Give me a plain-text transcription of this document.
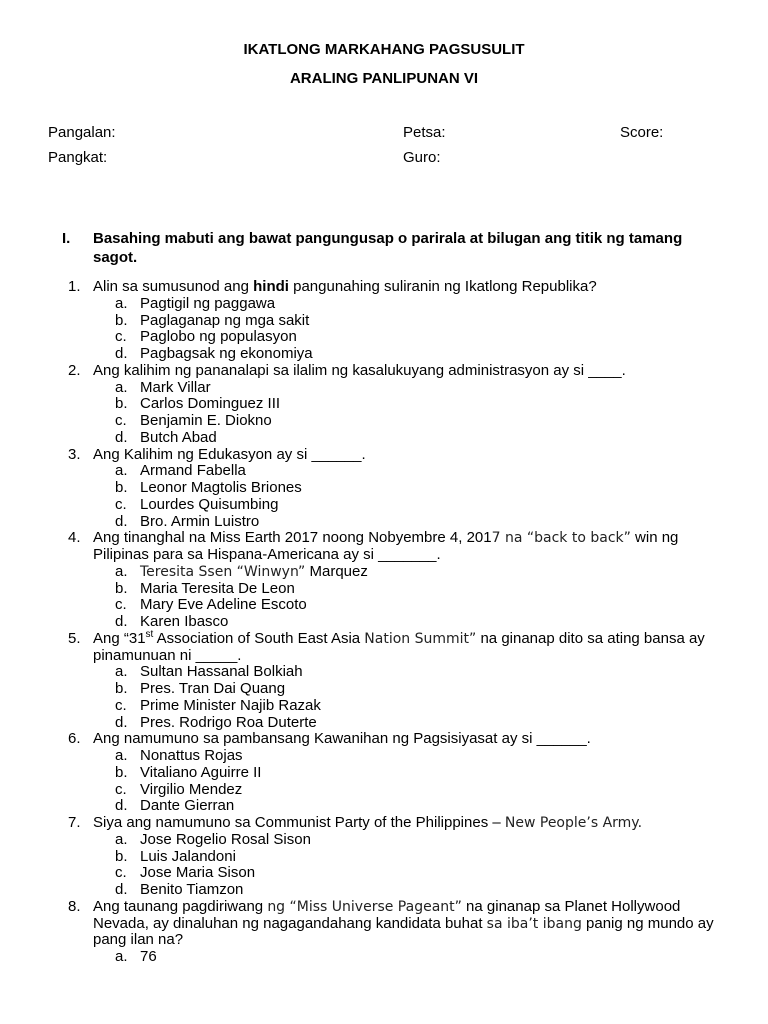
IKATLONG MARKAHANG PAGSUSULIT
ARALING PANLIPUNAN VI
Pangalan:	Petsa:	Score:
Pangkat:	Guro:
I. Basahing mabuti ang bawat pangungusap o parirala at bilugan ang titik ng tamang sagot.
1. Alin sa sumusunod ang hindi pangunahing suliranin ng Ikatlong Republika?
a. Pagtigil ng paggawa
b. Paglaganap ng mga sakit
c. Paglobo ng populasyon
d. Pagbagsak ng ekonomiya
2. Ang kalihim ng pananalapi sa ilalim ng kasalukuyang administrasyon ay si ____.
a. Mark Villar
b. Carlos Dominguez III
c. Benjamin E. Diokno
d. Butch Abad
3. Ang Kalihim ng Edukasyon ay si ______.
a. Armand Fabella
b. Leonor Magtolis Briones
c. Lourdes Quisumbing
d. Bro. Armin Luistro
4. Ang tinanghal na Miss Earth 2017 noong Nobyembre 4, 2017 na “back to back” win ng Pilipinas para sa Hispana-Americana ay si _______.
a. Teresita Ssen “Winwyn” Marquez
b. Maria Teresita De Leon
c. Mary Eve Adeline Escoto
d. Karen Ibasco
5. Ang “31st Association of South East Asia Nation Summit” na ginanap dito sa ating bansa ay pinamunuan ni _____.
a. Sultan Hassanal Bolkiah
b. Pres. Tran Dai Quang
c. Prime Minister Najib Razak
d. Pres. Rodrigo Roa Duterte
6. Ang namumuno sa pambansang Kawanihan ng Pagsisiyasat ay si ______.
a. Nonattus Rojas
b. Vitaliano Aguirre II
c. Virgilio Mendez
d. Dante Gierran
7. Siya ang namumuno sa Communist Party of the Philippines – New People’s Army.
a. Jose Rogelio Rosal Sison
b. Luis Jalandoni
c. Jose Maria Sison
d. Benito Tiamzon
8. Ang taunang pagdiriwang ng “Miss Universe Pageant” na ginanap sa Planet Hollywood Nevada, ay dinaluhan ng nagagandahang kandidata buhat sa iba’t ibang panig ng mundo ay pang ilan na?
a. 76
